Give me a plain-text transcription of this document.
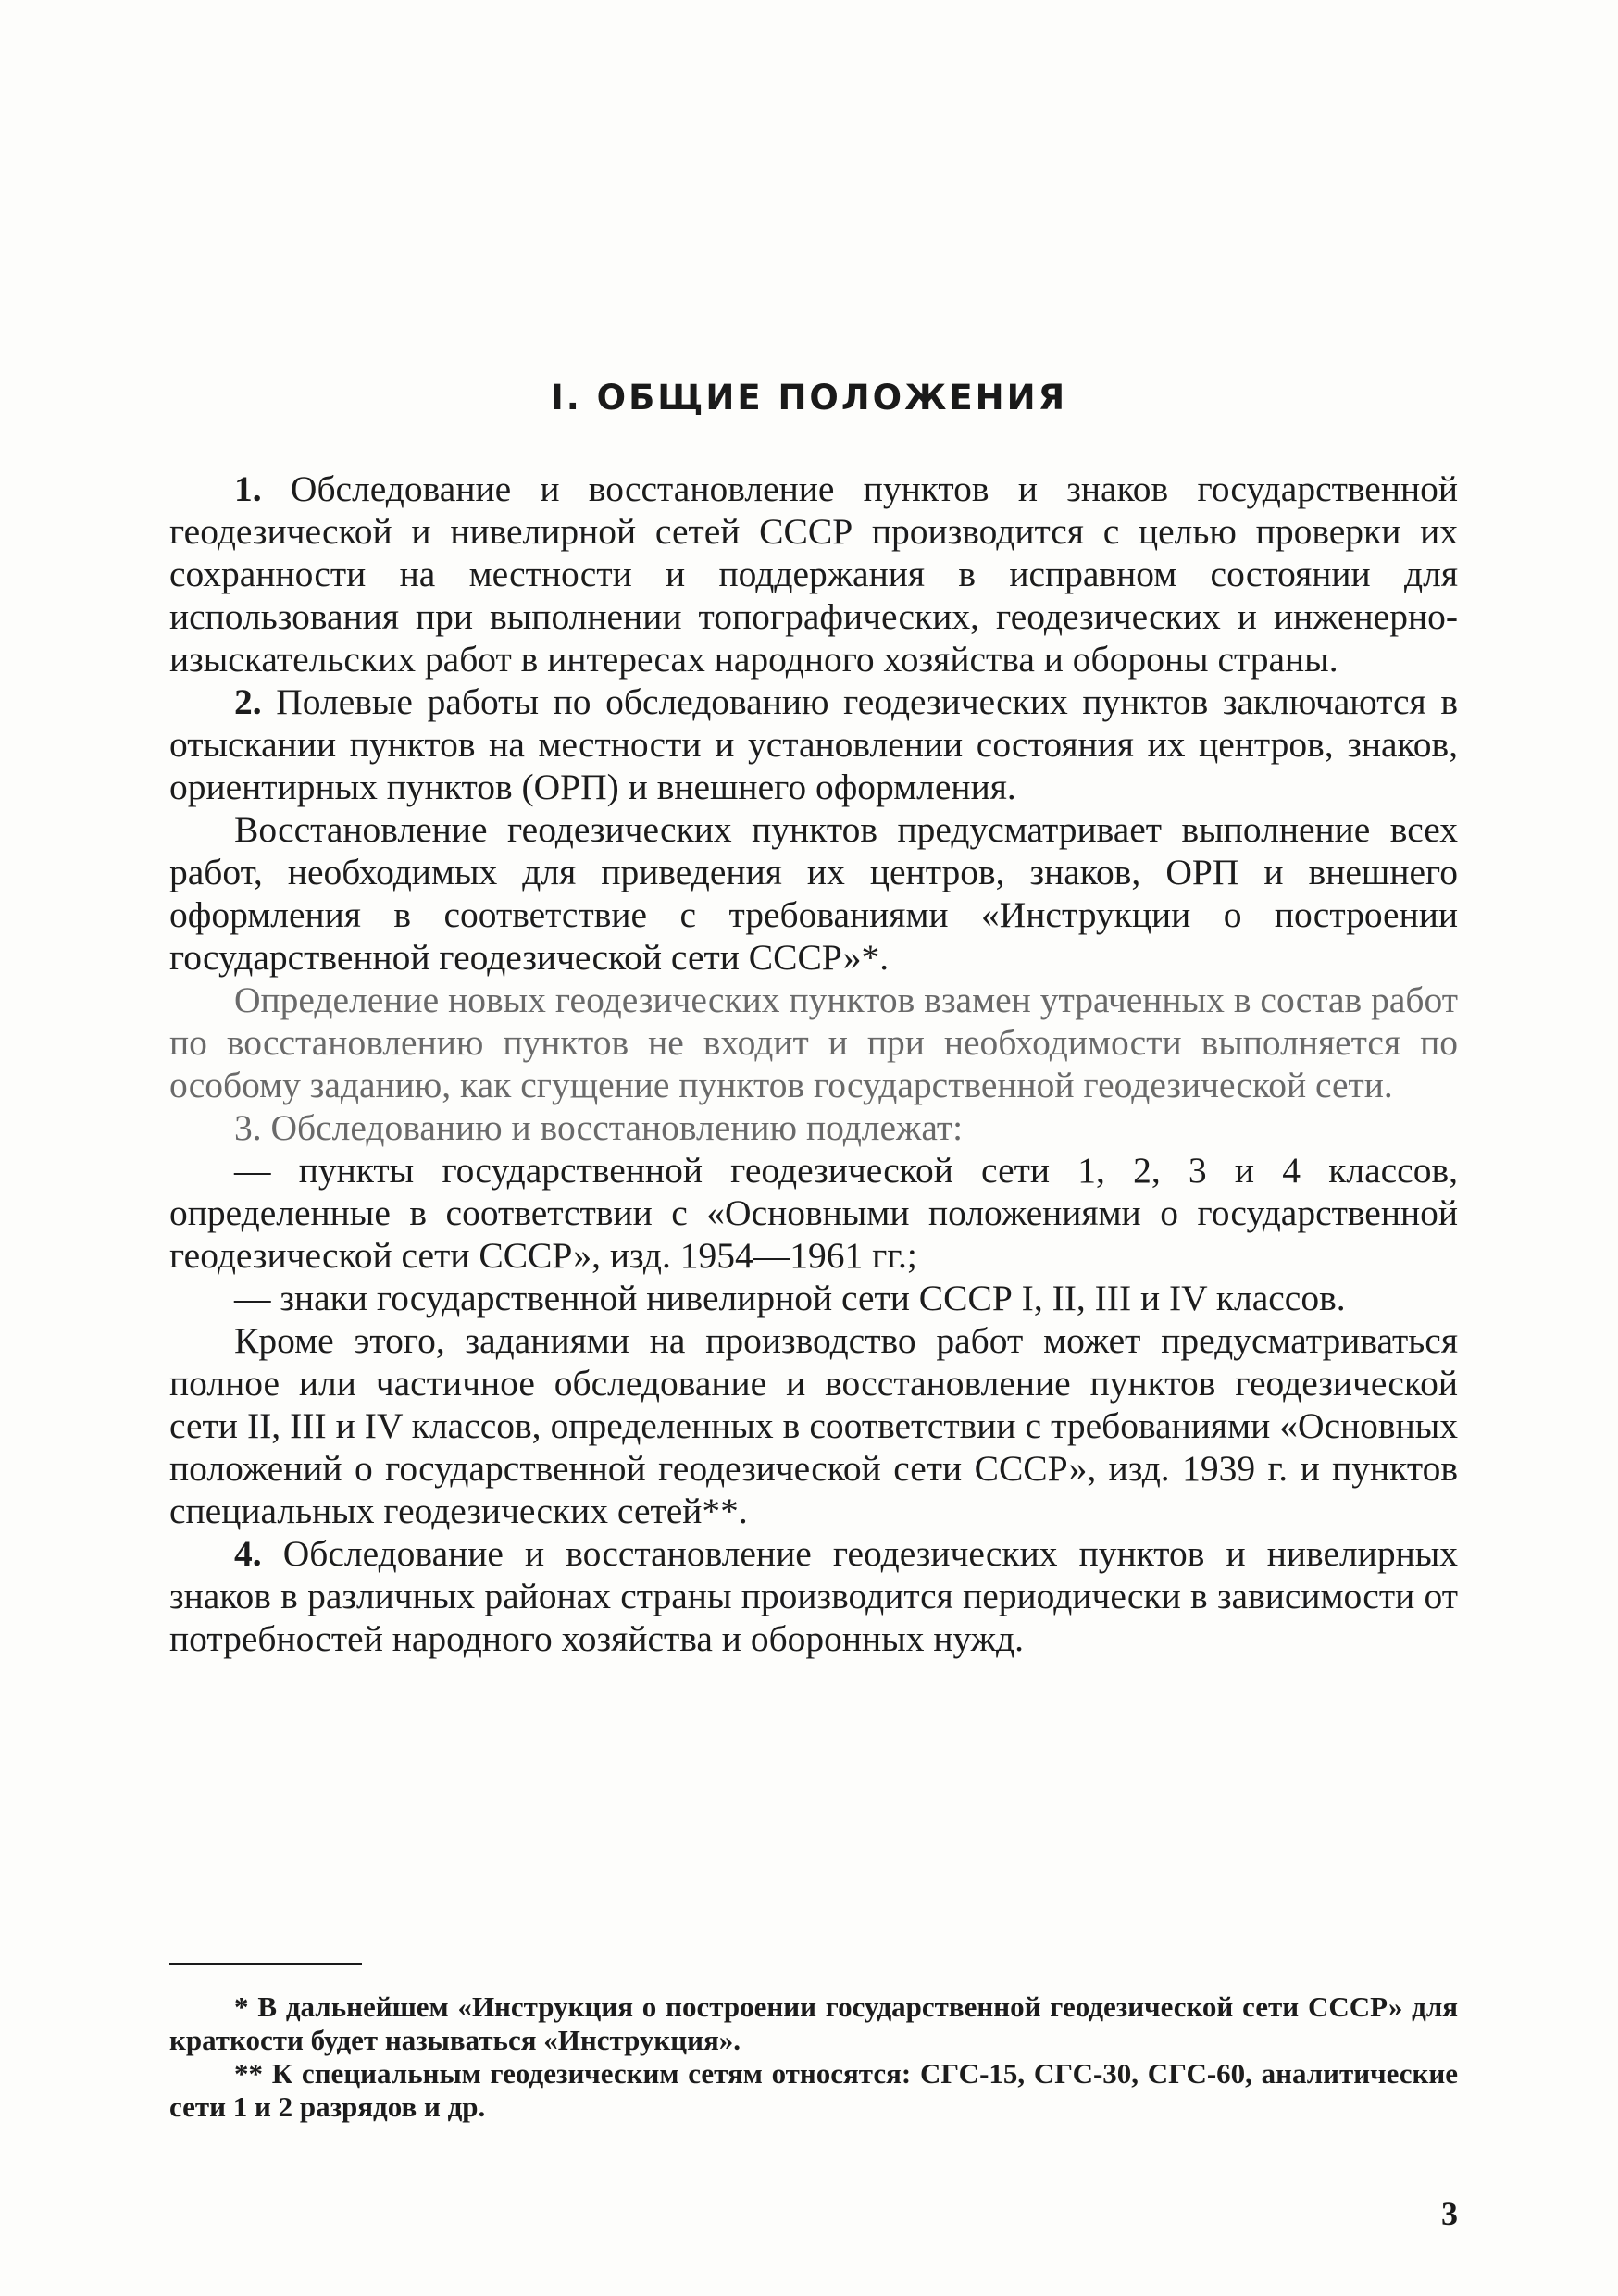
I. ОБЩИЕ ПОЛОЖЕНИЯ

1. Обследование и восстановление пунктов и знаков государственной геодезической и нивелирной сетей СССР производится с целью проверки их сохранности на местности и поддержания в исправном состоянии для использования при выполнении топографических, геодезических и инженерно-изыскательских работ в интересах народного хозяйства и обороны страны.

2. Полевые работы по обследованию геодезических пунктов заключаются в отыскании пунктов на местности и установлении состояния их центров, знаков, ориентирных пунктов (ОРП) и внешнего оформления.

Восстановление геодезических пунктов предусматривает выполнение всех работ, необходимых для приведения их центров, знаков, ОРП и внешнего оформления в соответствие с требованиями «Инструкции о построении государственной геодезической сети СССР»*.

Определение новых геодезических пунктов взамен утраченных в состав работ по восстановлению пунктов не входит и при необходимости выполняется по особому заданию, как сгущение пунктов государственной геодезической сети.

3. Обследованию и восстановлению подлежат:

— пункты государственной геодезической сети 1, 2, 3 и 4 классов, определенные в соответствии с «Основными положениями о государственной геодезической сети СССР», изд. 1954—1961 гг.;

— знаки государственной нивелирной сети СССР I, II, III и IV классов.

Кроме этого, заданиями на производство работ может предусматриваться полное или частичное обследование и восстановление пунктов геодезической сети II, III и IV классов, определенных в соответствии с требованиями «Основных положений о государственной геодезической сети СССР», изд. 1939 г. и пунктов специальных геодезических сетей**.

4. Обследование и восстановление геодезических пунктов и нивелирных знаков в различных районах страны производится периодически в зависимости от потребностей народного хозяйства и оборонных нужд.

* В дальнейшем «Инструкция о построении государственной геодезической сети СССР» для краткости будет называться «Инструкция».

** К специальным геодезическим сетям относятся: СГС-15, СГС-30, СГС-60, аналитические сети 1 и 2 разрядов и др.

3
